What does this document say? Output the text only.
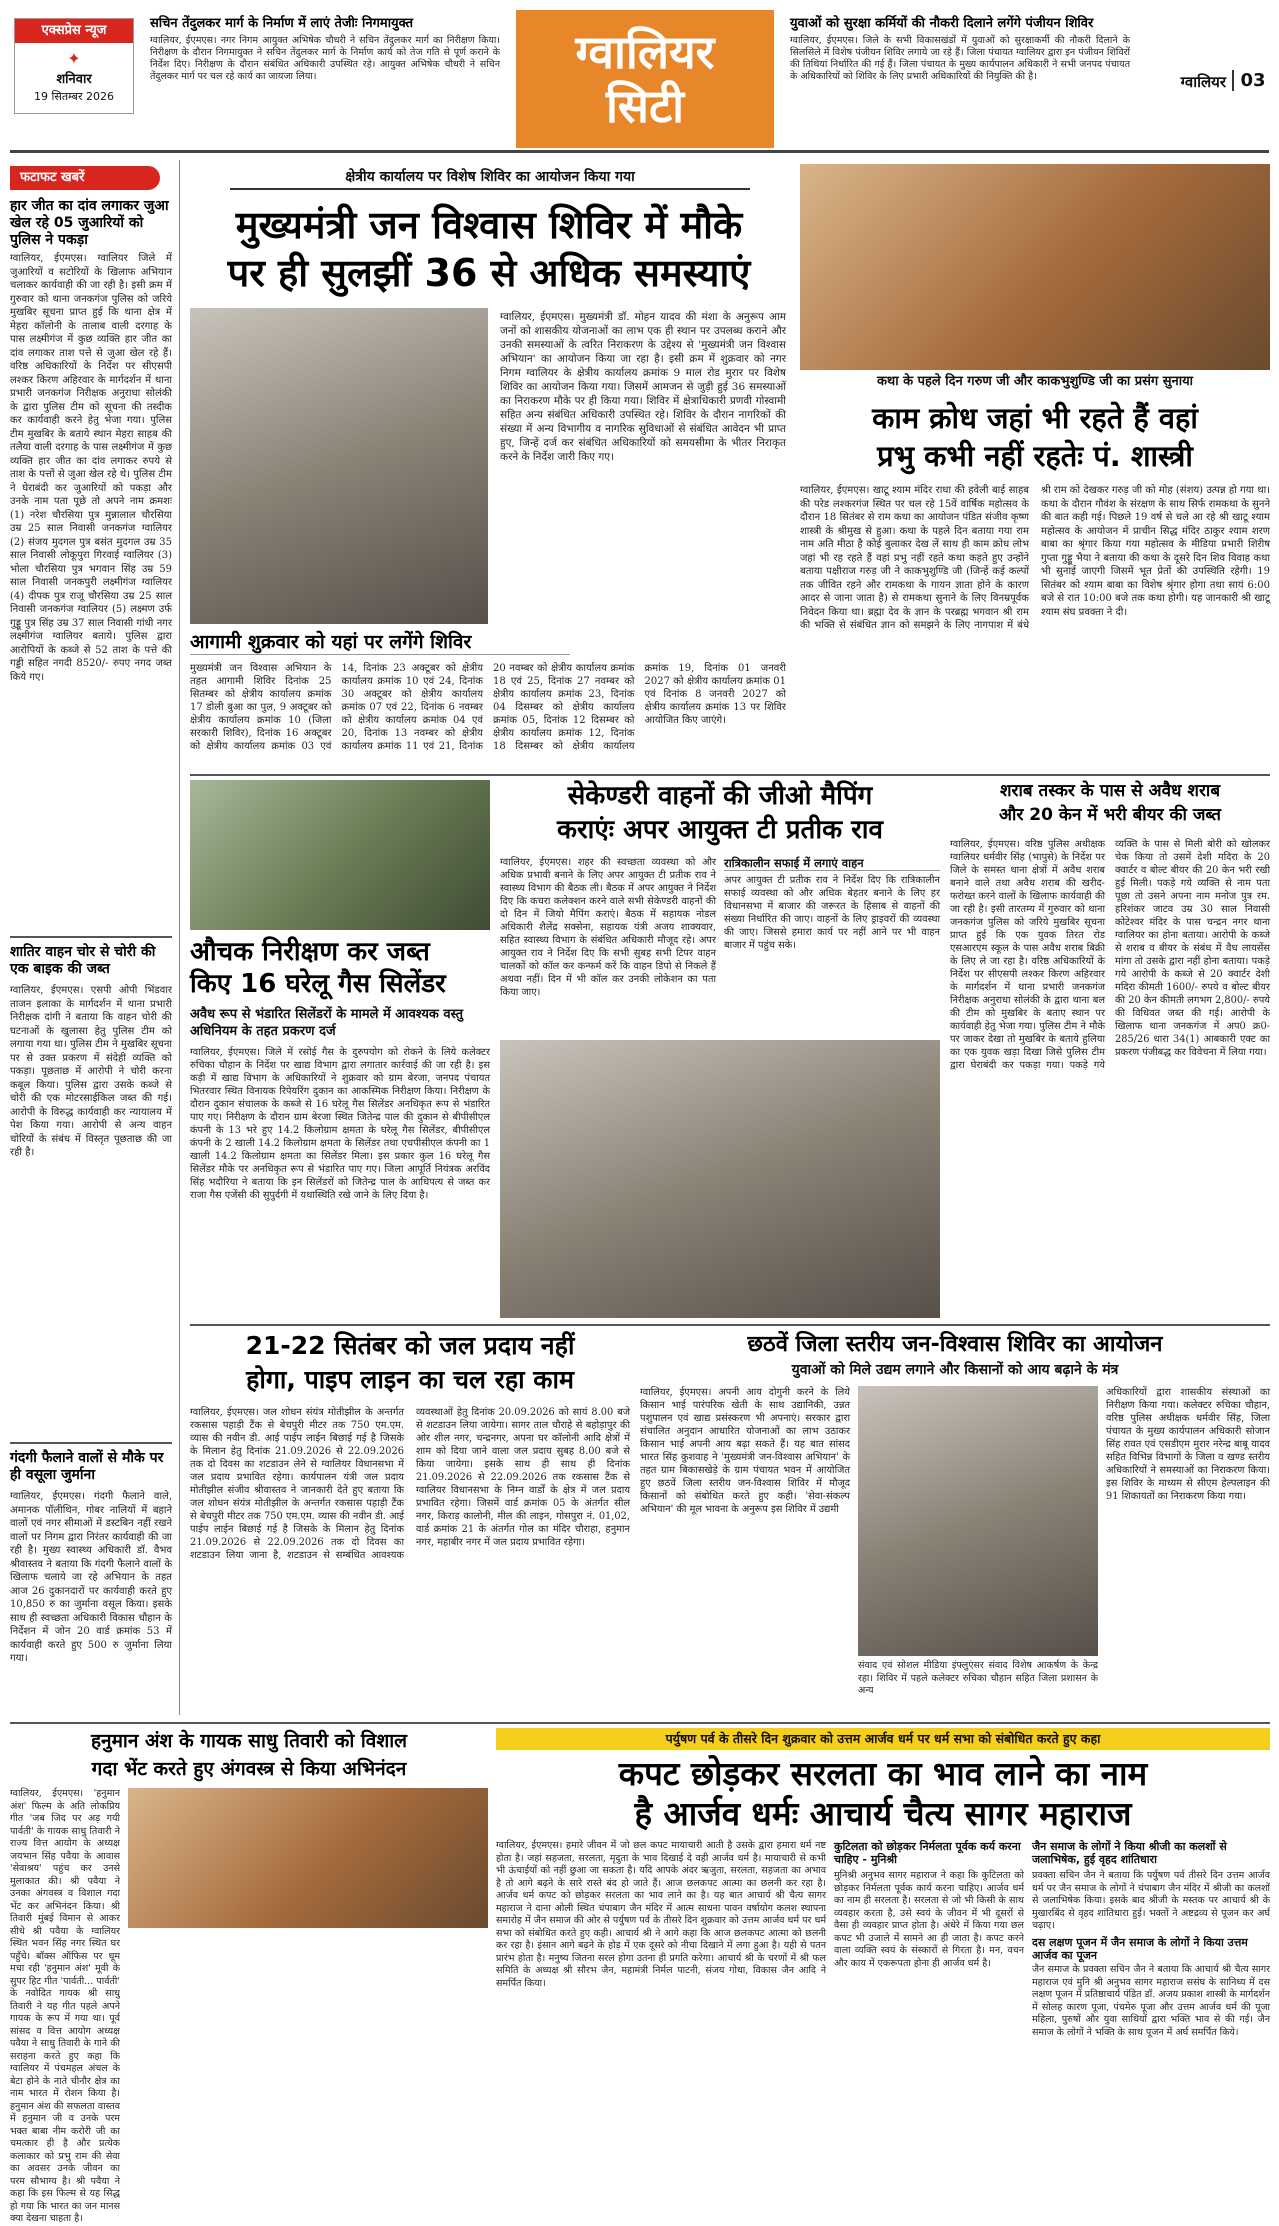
एक्सप्रेस न्यूज
✦
शनिवार
19 सितम्बर 2026
सचिन तेंदुलकर मार्ग के निर्माण में लाएं तेजीः निगमायुक्त
ग्वालियर, ईएमएस। नगर निगम आयुक्त अभिषेक चौधरी ने सचिन तेंदुलकर मार्ग का निरीक्षण किया। निरीक्षण के दौरान निगमायुक्त ने सचिन तेंदुलकर मार्ग के निर्माण कार्य को तेज गति से पूर्ण कराने के निर्देश दिए। निरीक्षण के दौरान संबंधित अधिकारी उपस्थित रहे। आयुक्त अभिषेक चौधरी ने सचिन तेंदुलकर मार्ग पर चल रहे कार्य का जायजा लिया।	ग्वालियर
सिटी
युवाओं को सुरक्षा कर्मियों की नौकरी दिलाने लगेंगे पंजीयन शिविर
ग्वालियर, ईएमएस। जिले के सभी विकासखंडों में युवाओं को सुरक्षाकर्मी की नौकरी दिलाने के सिलसिले में विशेष पंजीयन शिविर लगाये जा रहे हैं। जिला पंचायत ग्वालियर द्वारा इन पंजीयन शिविरों की तिथियां निर्धारित की गई हैं। जिला पंचायत के मुख्य कार्यपालन अधिकारी ने सभी जनपद पंचायत के अधिकारियों को शिविर के लिए प्रभारी अधिकारियों की नियुक्ति की है।	ग्वालियर 03
फटाफट खबरें
हार जीत का दांव लगाकर जुआ खेल रहे 05 जुआरियों को पुलिस ने पकड़ा
ग्वालियर, ईएमएस। ग्वालियर जिले में जुआरियों व सटोरियों के खिलाफ अभियान चलाकर कार्यवाही की जा रही है। इसी क्रम में गुरुवार को थाना जनकगंज पुलिस को जरिये मुखबिर सूचना प्राप्त हुई कि थाना क्षेत्र में मेहरा कॉलोनी के तालाब वाली दरगाह के पास लक्ष्मीगंज में कुछ व्यक्ति हार जीत का दांव लगाकर ताश पत्ते से जुआ खेल रहे हैं। वरिष्ठ अधिकारियों के निर्देश पर सीएसपी लश्कर किरण अहिरवार के मार्गदर्शन में थाना प्रभारी जनकगंज निरीक्षक अनुराधा सोलंकी के द्वारा पुलिस टीम को सूचना की तस्दीक कर कार्यवाही करने हेतु भेजा गया। पुलिस टीम मुखबिर के बताये स्थान मेहरा साहब की तलैया वाली दरगाह के पास लक्ष्मीगंज में कुछ व्यक्ति हार जीत का दांव लगाकर रुपये से ताश के पत्तों से जुआ खेल रहे थे। पुलिस टीम ने घेराबंदी कर जुआरियों को पकड़ा और उनके नाम पता पूछे तो अपने नाम क्रमशः (1) नरेश चौरसिया पुत्र मुन्नालाल चौरसिया उम्र 25 साल निवासी जनकगंज ग्वालियर (2) संजय मुदगल पुत्र बसंत मुदगल उम्र 35 साल निवासी लोकूपुरा गिरवाई ग्वालियर (3) भोला चौरसिया पुत्र भगवान सिंह उम्र 59 साल निवासी जनकपुरी लक्ष्मीगंज ग्वालियर (4) दीपक पुत्र राजू चौरसिया उम्र 25 साल निवासी जनकगंज ग्वालियर (5) लक्ष्मण उर्फ गुड्डू पुत्र सिंह उम्र 37 साल निवासी गांधी नगर लक्ष्मीगंज ग्वालियर बताये। पुलिस द्वारा आरोपियों के कब्जे से 52 ताश के पत्ते की गड्डी सहित नगदी 8520/- रुपए नगद जब्त किये गए।
शातिर वाहन चोर से चोरी की एक बाइक की जब्त
ग्वालियर, ईएमएस। एसपी ओपी भिंडवार ताजन इलाका के मार्गदर्शन में थाना प्रभारी निरीक्षक दांगी ने बताया कि वाहन चोरी की घटनाओं के खुलासा हेतु पुलिस टीम को लगाया गया था। पुलिस टीम ने मुखबिर सूचना पर से उक्त प्रकरण में संदेही व्यक्ति को पकड़ा। पूछताछ में आरोपी ने चोरी करना कबूल किया। पुलिस द्वारा उसके कब्जे से चोरी की एक मोटरसाईकिल जब्त की गई। आरोपी के विरुद्ध कार्यवाही कर न्यायालय में पेश किया गया। आरोपी से अन्य वाहन चोरियों के संबंध में विस्तृत पूछताछ की जा रही है।
गंदगी फैलाने वालों से मौके पर ही वसूला जुर्माना
ग्वालियर, ईएमएस। गंदगी फैलाने वाले, अमानक पॉलीथिन, गोबर नालियों में बहाने वालों एवं नगर सीमाओं में डस्टबिन नहीं रखने वालों पर निगम द्वारा निरंतर कार्यवाही की जा रही है। मुख्य स्वास्थ्य अधिकारी डॉ. वैभव श्रीवास्तव ने बताया कि गंदगी फैलाने वालों के खिलाफ चलाये जा रहे अभियान के तहत आज 26 दुकानदारों पर कार्यवाही करते हुए 10,850 रु का जुर्माना वसूल किया। इसके साथ ही स्वच्छता अधिकारी विकास चौहान के निर्देशन में जोन 20 वार्ड क्रमांक 53 में कार्यवाही करते हुए 500 रु जुर्माना लिया गया।
क्षेत्रीय कार्यालय पर विशेष शिविर का आयोजन किया गया
मुख्यमंत्री जन विश्वास शिविर में मौके
पर ही सुलझीं 36 से अधिक समस्याएं
ग्वालियर, ईएमएस। मुख्यमंत्री डॉ. मोहन यादव की मंशा के अनुरूप आम जनों को शासकीय योजनाओं का लाभ एक ही स्थान पर उपलब्ध कराने और उनकी समस्याओं के त्वरित निराकरण के उद्देश्य से 'मुख्यमंत्री जन विश्वास अभियान' का आयोजन किया जा रहा है। इसी क्रम में शुक्रवार को नगर निगम ग्वालियर के क्षेत्रीय कार्यालय क्रमांक 9 माल रोड मुरार पर विशेष शिविर का आयोजन किया गया। जिसमें आमजन से जुड़ी हुई 36 समस्याओं का निराकरण मौके पर ही किया गया। शिविर में क्षेत्राधिकारी प्रणवी गोस्वामी सहित अन्य संबंधित अधिकारी उपस्थित रहे। शिविर के दौरान नागरिकों की संख्या में अन्य विभागीय व नागरिक सुविधाओं से संबंधित आवेदन भी प्राप्त हुए, जिन्हें दर्ज कर संबंधित अधिकारियों को समयसीमा के भीतर निराकृत करने के निर्देश जारी किए गए।
आगामी शुक्रवार को यहां पर लगेंगे शिविर
मुख्यमंत्री जन विश्वास अभियान के तहत आगामी शिविर दिनांक 25 सितम्बर को क्षेत्रीय कार्यालय क्रमांक 17 डोली बुआ का पुल, 9 अक्टूबर को क्षेत्रीय कार्यालय क्रमांक 10 (जिला सरकारी शिविर), दिनांक 16 अक्टूबर को क्षेत्रीय कार्यालय क्रमांक 03 एवं 14, दिनांक 23 अक्टूबर को क्षेत्रीय कार्यालय क्रमांक 10 एवं 24, दिनांक 30 अक्टूबर को क्षेत्रीय कार्यालय क्रमांक 07 एवं 22, दिनांक 6 नवम्बर को क्षेत्रीय कार्यालय क्रमांक 04 एवं 20, दिनांक 13 नवम्बर को क्षेत्रीय कार्यालय क्रमांक 11 एवं 21, दिनांक 20 नवम्बर को क्षेत्रीय कार्यालय क्रमांक 18 एवं 25, दिनांक 27 नवम्बर को क्षेत्रीय कार्यालय क्रमांक 23, दिनांक 04 दिसम्बर को क्षेत्रीय कार्यालय क्रमांक 05, दिनांक 12 दिसम्बर को क्षेत्रीय कार्यालय क्रमांक 12, दिनांक 18 दिसम्बर को क्षेत्रीय कार्यालय क्रमांक 19, दिनांक 01 जनवरी 2027 को क्षेत्रीय कार्यालय क्रमांक 01 एवं दिनांक 8 जनवरी 2027 को क्षेत्रीय कार्यालय क्रमांक 13 पर शिविर आयोजित किए जाएंगे।
कथा के पहले दिन गरुण जी और काकभुशुण्डि जी का प्रसंग सुनाया
काम क्रोध जहां भी रहते हैं वहां
प्रभु कभी नहीं रहतेः पं. शास्त्री
ग्वालियर, ईएमएस। खाटू श्याम मंदिर राधा की हवेली बाई साहब की परेड लश्करगंज स्थित पर चल रहे 15वें वार्षिक महोत्सव के दौरान 18 सितंबर से राम कथा का आयोजन पंडित संजीव कृष्ण शास्त्री के श्रीमुख से हुआ। कथा के पहले दिन बताया गया राम नाम अति मीठा है कोई बुलाकर देख लें साथ ही काम क्रोध लोभ जहां भी रह रहते हैं वहां प्रभु नहीं रहते कथा कहते हुए उन्होंने बताया पक्षीराज गरुड़ जी ने काकभुशुण्डि जी (जिन्हें कई कल्पों तक जीवित रहने और रामकथा के गायन ज्ञाता होने के कारण आदर से जाना जाता है) से रामकथा सुनाने के लिए विनम्रपूर्वक निवेदन किया था। ब्रह्मा देव के ज्ञान के परब्रह्म भगवान श्री राम की भक्ति से संबंधित ज्ञान को समझने के लिए नागपाश में बंधे श्री राम को देखकर गरुड़ जी को मोह (संशय) उत्पन्न हो गया था। कथा के दौरान गौवंश के संरक्षण के साथ सिर्फ रामकथा के सुनने की बात कही गई। पिछले 19 वर्ष से चले आ रहे श्री खाटू श्याम महोत्सव के आयोजन में प्राचीन सिद्ध मंदिर ठाकुर श्याम शरण बाबा का श्रृंगार किया गया महोत्सव के मीडिया प्रभारी शिरीष गुप्ता गुड्डू भैया ने बताया की कथा के दूसरे दिन शिव विवाह कथा भी सुनाई जाएगी जिसमें भूत प्रेतों की उपस्थिति रहेगी। 19 सितंबर को श्याम बाबा का विशेष श्रृंगार होगा तथा सायं 6:00 बजे से रात 10:00 बजे तक कथा होगी। यह जानकारी श्री खाटू श्याम संघ प्रवक्ता ने दी।
औचक निरीक्षण कर जब्त
किए 16 घरेलू गैस सिलेंडर
अवैध रूप से भंडारित सिलेंडरों के मामले में आवश्यक वस्तु अधिनियम के तहत प्रकरण दर्ज
ग्वालियर, ईएमएस। जिले में रसोई गैस के दुरुपयोग को रोकने के लिये कलेक्टर रुचिका चौहान के निर्देश पर खाद्य विभाग द्वारा लगातार कार्रवाई की जा रही है। इस कड़ी में खाद्य विभाग के अधिकारियों ने शुक्रवार को ग्राम बेरजा, जनपद पंचायत भितरवार स्थित विनायक रिपेयरिंग दुकान का आकस्मिक निरीक्षण किया। निरीक्षण के दौरान दुकान संचालक के कब्जे से 16 घरेलू गैस सिलेंडर अनधिकृत रूप से भंडारित पाए गए। निरीक्षण के दौरान ग्राम बेरजा स्थित जितेन्द्र पाल की दुकान से बीपीसीएल कंपनी के 13 भरे हुए 14.2 किलोग्राम क्षमता के घरेलू गैस सिलेंडर, बीपीसीएल कंपनी के 2 खाली 14.2 किलोग्राम क्षमता के सिलेंडर तथा एचपीसीएल कंपनी का 1 खाली 14.2 किलोग्राम क्षमता का सिलेंडर मिला। इस प्रकार कुल 16 घरेलू गैस सिलेंडर मौके पर अनधिकृत रूप से भंडारित पाए गए। जिला आपूर्ति नियंत्रक अरविंद सिंह भदौरिया ने बताया कि इन सिलेंडरों को जितेन्द्र पाल के आधिपत्य से जब्त कर राजा गैस एजेंसी की सुपुर्दगी में यथास्थिति रखे जाने के लिए दिया है।
सेकेण्डरी वाहनों की जीओ मैपिंग
कराएंः अपर आयुक्त टी प्रतीक राव
ग्वालियर, ईएमएस। शहर की स्वच्छता व्यवस्था को और अधिक प्रभावी बनाने के लिए अपर आयुक्त टी प्रतीक राव ने स्वास्थ्य विभाग की बैठक ली। बैठक में अपर आयुक्त ने निर्देश दिए कि कचरा कलेक्शन करने वाले सभी सेकेण्डरी वाहनों की दो दिन में जियो मैपिंग कराएं। बैठक में सहायक नोडल अधिकारी शैलेंद्र सक्सेना, सहायक यंत्री अजय शाक्यवार, सहित स्वास्थ्य विभाग के संबंधित अधिकारी मौजूद रहे। अपर आयुक्त राव ने निर्देश दिए कि सभी सुबह सभी टिपर वाहन चालकों को कॉल कर कन्फर्म करें कि वाहन डिपो से निकले हैं अथवा नहीं। दिन में भी कॉल कर उनकी लोकेशन का पता किया जाए।
रात्रिकालीन सफाई में लगाएं वाहन
अपर आयुक्त टी प्रतीक राव ने निर्देश दिए कि रात्रिकालीन सफाई व्यवस्था को और अधिक बेहतर बनाने के लिए हर विधानसभा में बाजार की जरूरत के हिसाब से वाहनों की संख्या निर्धारित की जाए। वाहनों के लिए ड्राइवरों की व्यवस्था की जाए। जिससे हमारा कार्य पर नहीं आने पर भी वाहन बाजार में पहुंच सके।
शराब तस्कर के पास से अवैध शराब
और 20 केन में भरी बीयर की जब्त
ग्वालियर, ईएमएस। वरिष्ठ पुलिस अधीक्षक ग्वालियर धर्मवीर सिंह (भापुसे) के निर्देश पर जिले के समस्त थाना क्षेत्रों में अवैध शराब बनाने वाले तथा अवैध शराब की खरीद-फरोख्त करने वालों के खिलाफ कार्यवाही की जा रही है। इसी तारतम्य में गुरुवार को थाना जनकगंज पुलिस को जरिये मुखबिर सूचना प्राप्त हुई कि एक युवक तिरत रोड एसआरएम स्कूल के पास अवैध शराब बिक्री के लिए ले जा रहा है। वरिष्ठ अधिकारियों के निर्देश पर सीएसपी लश्कर किरण अहिरवार के मार्गदर्शन में थाना प्रभारी जनकगंज निरीक्षक अनुराधा सोलंकी के द्वारा थाना बल की टीम को मुखबिर के बताए स्थान पर कार्यवाही हेतु भेजा गया। पुलिस टीम ने मौके पर जाकर देखा तो मुखबिर के बताये हुलिया का एक युवक खड़ा दिखा जिसे पुलिस टीम द्वारा घेराबंदी कर पकड़ा गया। पकड़े गये व्यक्ति के पास से मिली बोरी को खोलकर चेक किया तो उसमें देशी मदिरा के 20 क्वार्टर व बोल्ट बीयर की 20 केन भरी रखी हुई मिली। पकड़े गये व्यक्ति से नाम पता पूछा तो उसने अपना नाम मनोज पुत्र रम. हरिशंकर जाटव उम्र 30 साल निवासी कोटेश्वर मंदिर के पास चन्द्रन नगर थाना ग्वालियर का होना बताया। आरोपी के कब्जे से शराब व बीयर के संबंध में वैध लायसेंस मांगा तो उसके द्वारा नहीं होना बताया। पकड़े गये आरोपी के कब्जे से 20 क्वार्टर देशी मदिरा कीमती 1600/- रुपये व बोल्ट बीयर की 20 केन कीमती लगभग 2,800/- रुपये की विधिवत जब्त की गई। आरोपी के खिलाफ थाना जनकगंज में अप0 क्र0-285/26 धारा 34(1) आबकारी एक्ट का प्रकरण पंजीबद्ध कर विवेचना में लिया गया।
21-22 सितंबर को जल प्रदाय नहीं
होगा, पाइप लाइन का चल रहा काम
ग्वालियर, ईएमएस। जल शोधन संयंत्र मोतीझील के अन्तर्गत रकसास पहाड़ी टैंक से बेचपुरी मीटर तक 750 एम.एम. व्यास की नवीन डी. आई पाईप लाईन बिछाई गई है जिसके के मिलान हेतु दिनांक 21.09.2026 से 22.09.2026 तक दो दिवस का शटडाउन लेने से ग्वालियर विधानसभा में जल प्रदाय प्रभावित रहेगा। कार्यपालन यंत्री जल प्रदाय मोतीझील संजीव श्रीवास्तव ने जानकारी देते हुए बताया कि जल शोधन संयंत्र मोतीझील के अन्तर्गत रकसास पहाड़ी टैंक से बेचपुरी मीटर तक 750 एम.एम. व्यास की नवीन डी. आई पाईप लाईन बिछाई गई है जिसके के मिलान हेतु दिनांक 21.09.2026 से 22.09.2026 तक दो दिवस का शटडाउन लिया जाना है, शटडाउन से सम्बंधित आवश्यक व्यवस्थाओं हेतु दिनांक 20.09.2026 को सायं 8.00 बजे से शटडाउन लिया जायेगा। सागर ताल चौराहे से बहोड़ापुर की ओर शील नगर, चन्द्रनगर, अपना घर कॉलोनी आदि क्षेत्रों में शाम को दिया जाने वाला जल प्रदाय सुबह 8.00 बजे से किया जायेगा। इसके साथ ही साथ ही दिनांक 21.09.2026 से 22.09.2026 तक रकसास टैंक से ग्वालियर विधानसभा के निम्न वार्डों के क्षेत्र में जल प्रदाय प्रभावित रहेगा। जिसमें वार्ड क्रमांक 05 के अंतर्गत सील नगर, किराड़ कालोनी, मील की लाइन, गोसपुरा नं. 01,02, वार्ड क्रमांक 21 के अंतर्गत गोल का मंदिर चौराहा, हनुमान नगर, महाबीर नगर में जल प्रदाय प्रभावित रहेगा।
छठवें जिला स्तरीय जन-विश्वास शिविर का आयोजन
युवाओं को मिले उद्यम लगाने और किसानों को आय बढ़ाने के मंत्र
ग्वालियर, ईएमएस। अपनी आय दोगुनी करने के लिये किसान भाई पारंपरिक खेती के साथ उद्यानिकी, उन्नत पशुपालन एवं खाद्य प्रसंस्करण भी अपनाएं। सरकार द्वारा संचालित अनुदान आधारित योजनाओं का लाभ उठाकर किसान भाई अपनी आय बढ़ा सकते हैं। यह बात सांसद भारत सिंह कुशवाह ने 'मुख्यमंत्री जन-विश्वास अभियान' के तहत ग्राम बिकासखेड़े के ग्राम पंचायत भवन में आयोजित हुए छठवें जिला स्तरीय जन-विश्वास शिविर में मौजूद किसानों को संबोधित करते हुए कही। 'सेवा-संकल्प अभियान' की मूल भावना के अनुरूप इस शिविर में उद्यमी
संवाद एवं सोशल मीडिया इंफ्लुएंसर संवाद विशेष आकर्षण के केन्द्र रहा। शिविर में पहले कलेक्टर रुचिका चौहान सहित जिला प्रशासन के अन्य
अधिकारियों द्वारा शासकीय संस्थाओं का निरीक्षण किया गया। कलेक्टर रुचिका चौहान, वरिष्ठ पुलिस अधीक्षक धर्मवीर सिंह, जिला पंचायत के मुख्य कार्यपालन अधिकारी सोजान सिंह रावत एवं एसडीएम मुरार नरेन्द्र बाबू यादव सहित विभिन्न विभागों के जिला व खण्ड स्तरीय अधिकारियों ने समस्याओं का निराकरण किया। इस शिविर के माध्यम से सीएम हेल्पलाइन की 91 शिकायतों का निराकरण किया गया।
हनुमान अंश के गायक साधु तिवारी को विशाल
गदा भेंट करते हुए अंगवस्त्र से किया अभिनंदन
ग्वालियर, ईएमएस। 'हनुमान अंश' फिल्म के अति लोकप्रिय गीत 'जब जिद पर अड़ गयी पार्वती' के गायक साधु तिवारी ने राज्य वित्त आयोग के अध्यक्ष जयभान सिंह पवैया के आवास 'सेवाश्रय' पहुंच कर उनसे मुलाकात की। श्री पवैया ने उनका अंगवस्त्र व विशाल गदा भेंट कर अभिनंदन किया। श्री तिवारी मुंबई विमान से आकर सीधे श्री पवैया के ग्वालियर स्थित भवन सिंह नगर स्थित घर पहुँचे। बॉक्स ऑफिस पर धूम मचा रही 'हनुमान अंश' मूवी के सुपर हिट गीत 'पार्वती... पार्वती' के नवोदित गायक श्री साधु तिवारी ने यह गीत पहले अपने गायक के रूप में गया था। पूर्व सांसद व वित्त आयोग अध्यक्ष पवैया ने साधु तिवारी के गाने की सराहना करते हुए कहा कि ग्वालियर में पंचमहल अंचल के बेटा होने के नाते चीनौर क्षेत्र का नाम भारत में रोशन किया है। हनुमान अंश की सफलता वास्तव में हनुमान जी व उनके परम भक्त बाबा नीम करोरी जी का चमत्कार ही है और प्रत्येक कलाकार को प्रभु राम की सेवा का अवसर उनके जीवन का परम सौभाग्य है। श्री पवैया ने कहा कि इस फिल्म से यह सिद्ध हो गया कि भारत का जन मानस क्या देखना चाहता है।
पर्युषण पर्व के तीसरे दिन शुक्रवार को उत्तम आर्जव धर्म पर धर्म सभा को संबोधित करते हुए कहा
कपट छोड़कर सरलता का भाव लाने का नाम
है आर्जव धर्मः आचार्य चैत्य सागर महाराज
ग्वालियर, ईएमएस। हमारे जीवन में जो छल कपट मायाचारी आती है उसके द्वारा हमारा धर्म नष्ट होता है। जहां सहजता, सरलता, मृदुता के भाव दिखाई दे वही आर्जव धर्म है। मायाचारी से कभी भी ऊंचाईयों को नहीं छुआ जा सकता है। यदि आपके अंदर ऋजुता, सरलता, सहजता का अभाव है तो आगे बढ़ने के सारे रास्ते बंद हो जाते हैं। आज छलकपट आत्मा का छलनी कर रहा है। आर्जव धर्म कपट को छोड़कर सरलता का भाव लाने का है। यह बात आचार्य श्री चैत्य सागर महाराज ने दाना ओली स्थित चंपाबाग जैन मंदिर में आत्म साधना पावन वर्षायोग कलश स्थापना समारोह में जैन समाज की ओर से पर्युषण पर्व के तीसरे दिन शुक्रवार को उत्तम आर्जव धर्म पर धर्म सभा को संबोधित करते हुए कही। आचार्य श्री ने आगे कहा कि आज छलकपट आत्मा को छलनी कर रहा है। इंसान आगे बढ़ने के होड़ में एक दूसरे को नीचा दिखाने में लगा हुआ है। यही से पतन प्रारंभ होता है। मनुष्य जितना सरल होगा उतना ही प्रगति करेगा। आचार्य श्री के चरणों में श्री फल समिति के अध्यक्ष श्री सौरभ जैन, महामंत्री निर्मल पाटनी, संजय गोधा, विकास जैन आदि ने समर्पित किया।
कुटिलता को छोड़कर निर्मलता पूर्वक कर्य करना चाहिए - मुनिश्री
मुनिश्री अनुभव सागर महाराज ने कहा कि कुटिलता को छोड़कर निर्मलता पूर्वक कार्य करना चाहिए। आर्जव धर्म का नाम ही सरलता है। सरलता से जो भी किसी के साथ व्यवहार करता है, उसे स्वयं के जीवन में भी दूसरों से वैसा ही व्यवहार प्राप्त होता है। अंधेरे में किया गया छल कपट भी उजाले में सामने आ ही जाता है। कपट करने वाला व्यक्ति स्वयं के संस्कारों से गिरता है। मन, वचन और काय में एकरूपता होना ही आर्जव धर्म है।
जैन समाज के लोगों ने किया श्रीजी का कलशों से जलाभिषेक, हुई वृहद शांतिधारा
प्रवक्ता सचिन जैन ने बताया कि पर्युषण पर्व तीसरे दिन उत्तम आर्जव धर्म पर जैन समाज के लोगों ने चंपाबाग जैन मंदिर में श्रीजी का कलशों से जलाभिषेक किया। इसके बाद श्रीजी के मस्तक पर आचार्य श्री के मुखारबिंद से वृहद शांतिधारा हुई। भक्तों ने अष्टद्रव्य से पूजन कर अर्घ चढ़ाए।
दस लक्षण पूजन में जैन समाज के लोगों ने किया उत्तम आर्जव का पूजन
जैन समाज के प्रवक्ता सचिन जैन ने बताया कि आचार्य श्री चैत्य सागर महाराज एवं मुनि श्री अनुभव सागर महाराज ससंघ के सानिध्य में दस लक्षण पूजन में प्रतिष्ठाचार्य पंडित डॉ. अजय प्रकाश शास्त्री के मार्गदर्शन में सोलह कारण पूजा, पंचमेरु पूजा और उत्तम आर्जव धर्म की पूजा महिला, पुरुषों और युवा साथियों द्वारा भक्ति भाव से की गई। जैन समाज के लोगों ने भक्ति के साथ पूजन में अर्घ समर्पित किये।
